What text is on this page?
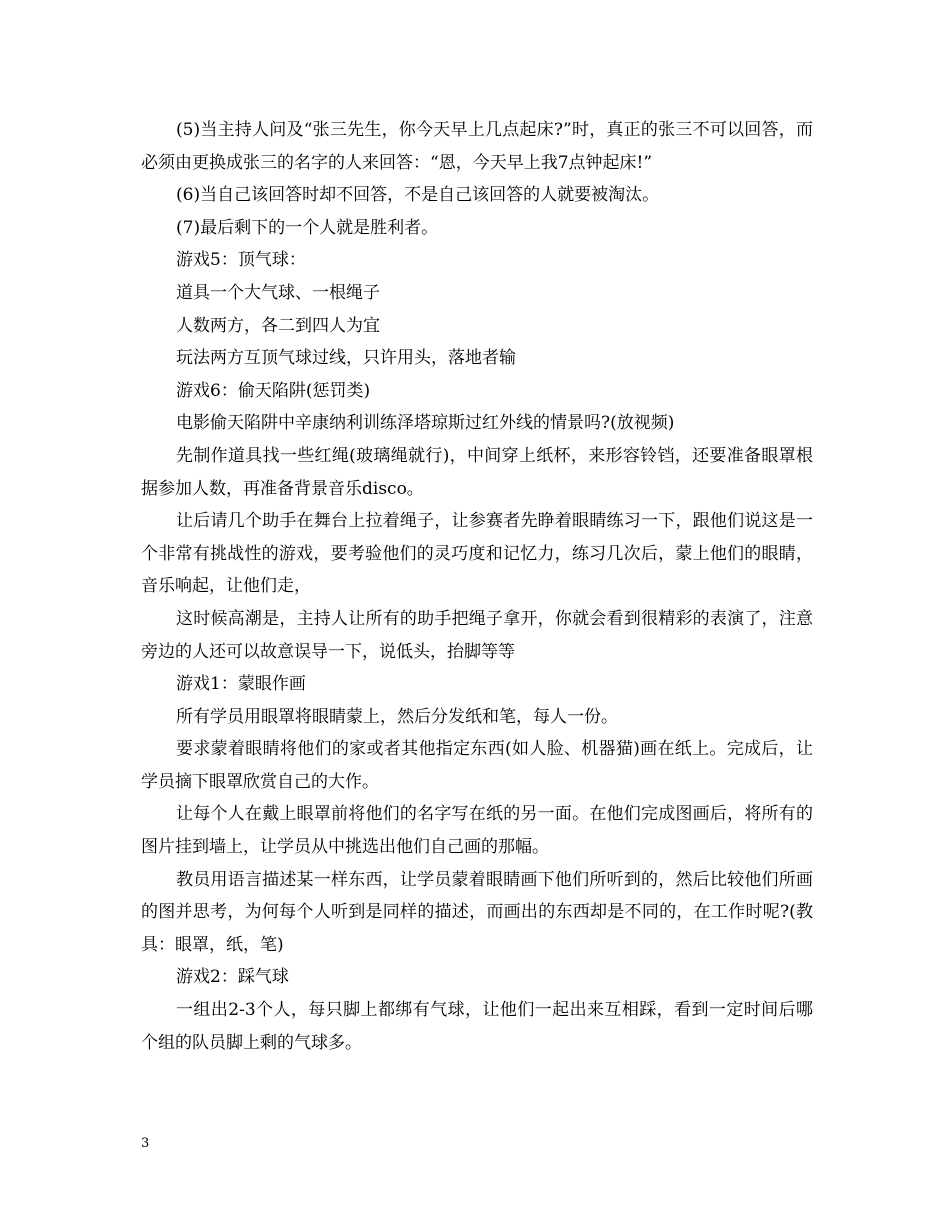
(5)当主持人问及“张三先生，你今天早上几点起床?”时，真正的张三不可以回答，而必须由更换成张三的名字的人来回答：“恩，今天早上我7点钟起床!”

(6)当自己该回答时却不回答，不是自己该回答的人就要被淘汰。

(7)最后剩下的一个人就是胜利者。

游戏5：顶气球：

道具一个大气球、一根绳子

人数两方，各二到四人为宜

玩法两方互顶气球过线，只许用头，落地者输

游戏6：偷天陷阱(惩罚类)

电影偷天陷阱中辛康纳利训练泽塔琼斯过红外线的情景吗?(放视频)

先制作道具找一些红绳(玻璃绳就行)，中间穿上纸杯，来形容铃铛，还要准备眼罩根据参加人数，再准备背景音乐disco。

让后请几个助手在舞台上拉着绳子，让参赛者先睁着眼睛练习一下，跟他们说这是一个非常有挑战性的游戏，要考验他们的灵巧度和记忆力，练习几次后，蒙上他们的眼睛，音乐响起，让他们走，

这时候高潮是，主持人让所有的助手把绳子拿开，你就会看到很精彩的表演了，注意旁边的人还可以故意误导一下，说低头，抬脚等等

游戏1：蒙眼作画

所有学员用眼罩将眼睛蒙上，然后分发纸和笔，每人一份。

要求蒙着眼睛将他们的家或者其他指定东西(如人脸、机器猫)画在纸上。完成后，让学员摘下眼罩欣赏自己的大作。

让每个人在戴上眼罩前将他们的名字写在纸的另一面。在他们完成图画后，将所有的图片挂到墙上，让学员从中挑选出他们自己画的那幅。

教员用语言描述某一样东西，让学员蒙着眼睛画下他们所听到的，然后比较他们所画的图并思考，为何每个人听到是同样的描述，而画出的东西却是不同的，在工作时呢?(教具：眼罩，纸，笔)

游戏2：踩气球

一组出2-3个人，每只脚上都绑有气球，让他们一起出来互相踩，看到一定时间后哪个组的队员脚上剩的气球多。

3
